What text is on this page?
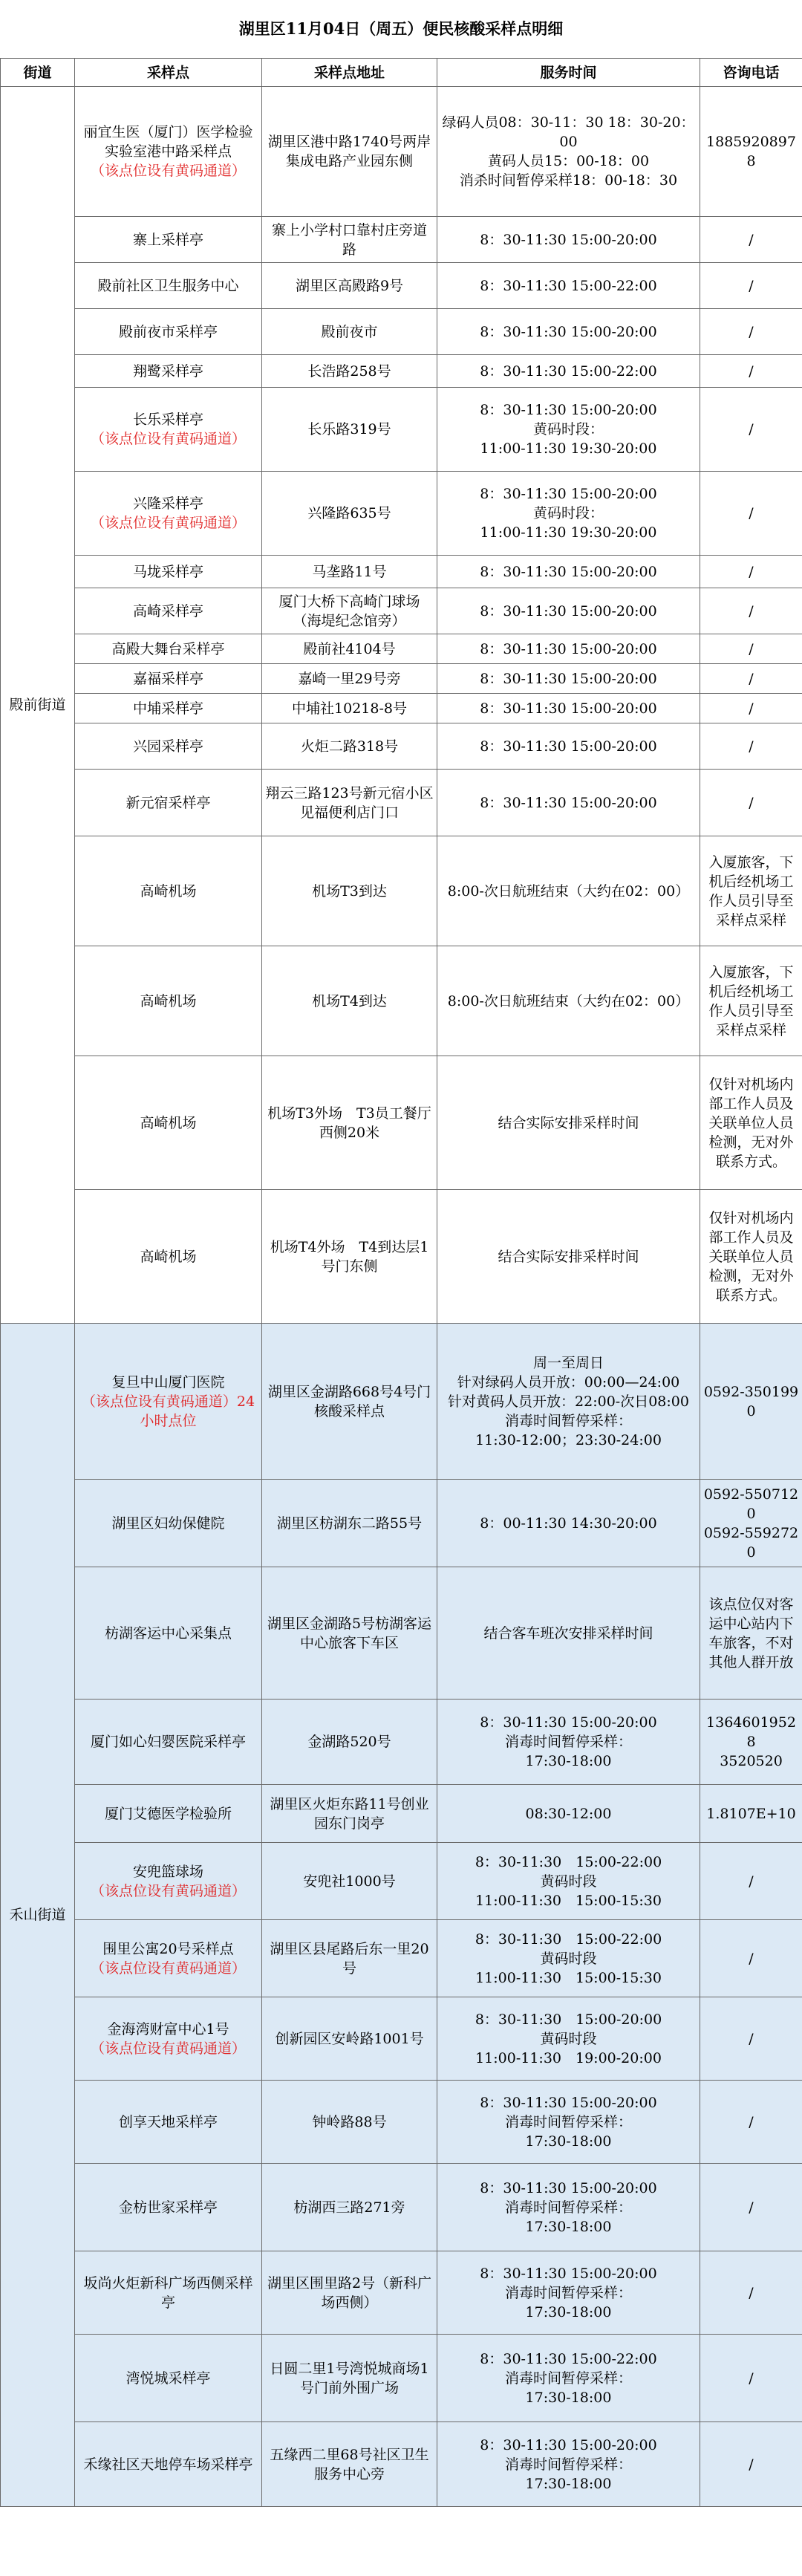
湖里区11月04日（周五）便民核酸采样点明细
街道	采样点	采样点地址	服务时间	咨询电话
殿前街道	丽宜生医（厦门）医学检验实验室港中路采样点
（该点位设有黄码通道）	湖里区港中路1740号两岸集成电路产业园东侧	绿码人员08：30-11：30 18：30-20：00
黄码人员15：00-18：00
消杀时间暂停采样18：00-18：30	18859208978

	寨上采样亭	寨上小学村口靠村庄旁道路	8：30-11:30 15:00-20:00	/

	殿前社区卫生服务中心	湖里区高殿路9号	8：30-11:30 15:00-22:00	/

	殿前夜市采样亭	殿前夜市	8：30-11:30 15:00-20:00	/

	翔鹭采样亭	长浩路258号	8：30-11:30 15:00-22:00	/

	长乐采样亭
（该点位设有黄码通道）	长乐路319号	8：30-11:30 15:00-20:00
黄码时段：
11:00-11:30 19:30-20:00	/

	兴隆采样亭
（该点位设有黄码通道）	兴隆路635号	8：30-11:30 15:00-20:00
黄码时段：
11:00-11:30 19:30-20:00	/

	马垅采样亭	马垄路11号	8：30-11:30 15:00-20:00	/

	高崎采样亭	厦门大桥下高崎门球场（海堤纪念馆旁）	8：30-11:30 15:00-20:00	/

	高殿大舞台采样亭	殿前社4104号	8：30-11:30 15:00-20:00	/

	嘉福采样亭	嘉崎一里29号旁	8：30-11:30 15:00-20:00	/

	中埔采样亭	中埔社10218-8号	8：30-11:30 15:00-20:00	/

	兴园采样亭	火炬二路318号	8：30-11:30 15:00-20:00	/

	新元宿采样亭	翔云三路123号新元宿小区见福便利店门口	8：30-11:30 15:00-20:00	/

	高崎机场	机场T3到达	8:00-次日航班结束（大约在02：00）	入厦旅客，下机后经机场工作人员引导至采样点采样

	高崎机场	机场T4到达	8:00-次日航班结束（大约在02：00）	入厦旅客，下机后经机场工作人员引导至采样点采样

	高崎机场	机场T3外场　T3员工餐厅西侧20米	结合实际安排采样时间	仅针对机场内部工作人员及关联单位人员检测，无对外联系方式。

	高崎机场	机场T4外场　T4到达层1号门东侧	结合实际安排采样时间	仅针对机场内部工作人员及关联单位人员检测，无对外联系方式。

禾山街道	复旦中山厦门医院
（该点位设有黄码通道）24小时点位	湖里区金湖路668号4号门核酸采样点	周一至周日
针对绿码人员开放：00:00—24:00
针对黄码人员开放：22:00-次日08:00
消毒时间暂停采样：
11:30-12:00；23:30-24:00	0592-3501990

	湖里区妇幼保健院	湖里区枋湖东二路55号	8：00-11:30 14:30-20:00	0592-5507120
0592-5592720

	枋湖客运中心采集点	湖里区金湖路5号枋湖客运中心旅客下车区	结合客车班次安排采样时间	该点位仅对客运中心站内下车旅客，不对其他人群开放

	厦门如心妇婴医院采样亭	金湖路520号	8：30-11:30 15:00-20:00
消毒时间暂停采样：
17:30-18:00	13646019528
3520520

	厦门艾德医学检验所	湖里区火炬东路11号创业园东门岗亭	08:30-12:00	1.8107E+10

	安兜篮球场
（该点位设有黄码通道）	安兜社1000号	8：30-11:30　15:00-22:00
黄码时段
11:00-11:30　15:00-15:30	/

	围里公寓20号采样点
（该点位设有黄码通道）	湖里区县尾路后东一里20号	8：30-11:30　15:00-22:00
黄码时段
11:00-11:30　15:00-15:30	/

	金海湾财富中心1号
（该点位设有黄码通道）	创新园区安岭路1001号	8：30-11:30　15:00-20:00
黄码时段
11:00-11:30　19:00-20:00	/

	创享天地采样亭	钟岭路88号	8：30-11:30 15:00-20:00
消毒时间暂停采样：
17:30-18:00	/

	金枋世家采样亭	枋湖西三路271旁	8：30-11:30 15:00-20:00
消毒时间暂停采样：
17:30-18:00	/

	坂尚火炬新科广场西侧采样亭	湖里区围里路2号（新科广场西侧）	8：30-11:30 15:00-20:00
消毒时间暂停采样：
17:30-18:00	/

	湾悦城采样亭	日圆二里1号湾悦城商场1号门前外围广场	8：30-11:30 15:00-22:00
消毒时间暂停采样：
17:30-18:00	/

	禾缘社区天地停车场采样亭	五缘西二里68号社区卫生服务中心旁	8：30-11:30 15:00-20:00
消毒时间暂停采样：
17:30-18:00	/
